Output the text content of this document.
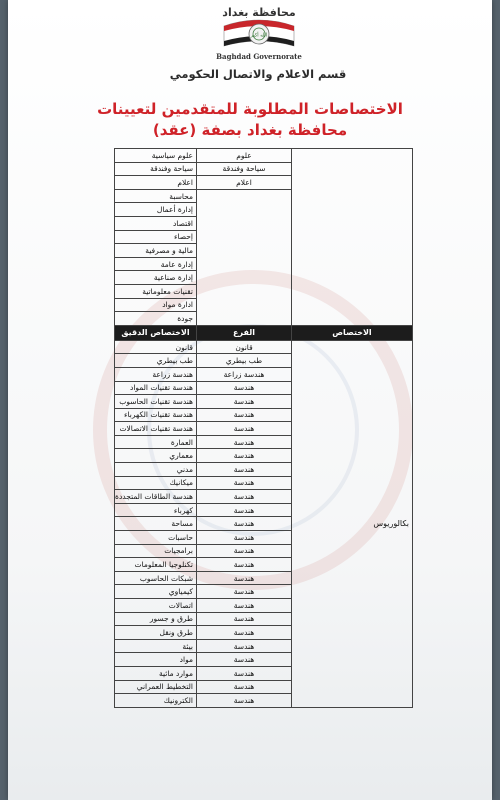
محافظة بغداد
الله أكبر
Baghdad Governorate
قسم الاعلام والاتصال الحكومي
الاختصاصات المطلوبة للمتقدمين لتعيينات
محافظة بغداد بصفة (عقد)
	علوم	علوم سياسية
	سياحة وفندقة	سياحة وفندقة
	اعلام	اعلام
		محاسبة
		إدارة أعمال
		اقتصاد
		إحصاء
		مالية و مصرفية
		إدارة عامة
		إدارة صناعية
		تقنيات معلوماتية
		ادارة مواد
		جودة
الاختصاص	الفرع	الاختصاص الدقيق
بكالوريوس	قانون	قانون
	طب بيطري	طب بيطري
	هندسة زراعة	هندسة زراعة
	هندسة	هندسة تقنيات المواد
	هندسة	هندسة تقنيات الحاسوب
	هندسة	هندسة تقنيات الكهرباء
	هندسة	هندسة تقنيات الاتصالات
	هندسة	العمارة
	هندسة	معماري
	هندسة	مدني
	هندسة	ميكانيك
	هندسة	هندسة الطاقات المتجددة
	هندسة	كهرباء
	هندسة	مساحة
	هندسة	حاسبات
	هندسة	برامجيات
	هندسة	تكنلوجيا المعلومات
	هندسة	شبكات الحاسوب
	هندسة	كيمياوي
	هندسة	اتصالات
	هندسة	طرق و جسور
	هندسة	طرق ونقل
	هندسة	بيئة
	هندسة	مواد
	هندسة	موارد مائية
	هندسة	التخطيط العمراني
	هندسة	الكترونيك
